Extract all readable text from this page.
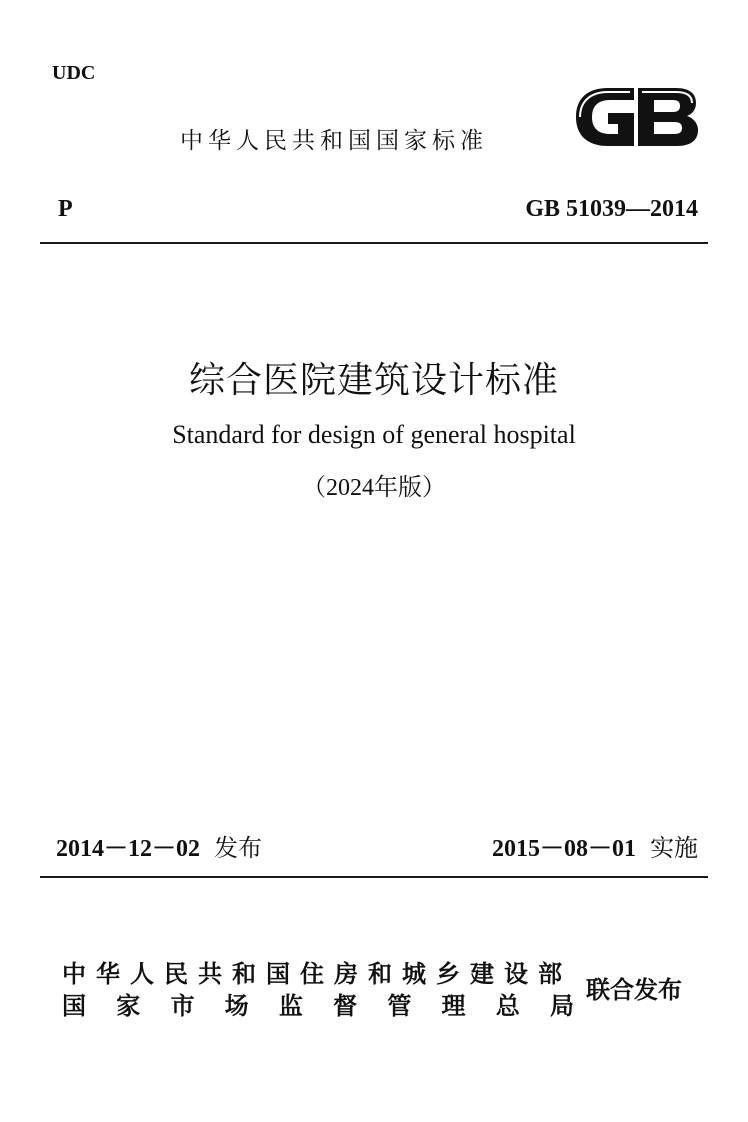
UDC
中华人民共和国国家标准
P	GB 51039—2014
综合医院建筑设计标准
Standard for design of general hospital
（2024年版）
2014－12－02 发布	2015－08－01 实施
中华人民共和国住房和城乡建设部
国 家 市 场 监 督 管 理 总 局
联合发布
